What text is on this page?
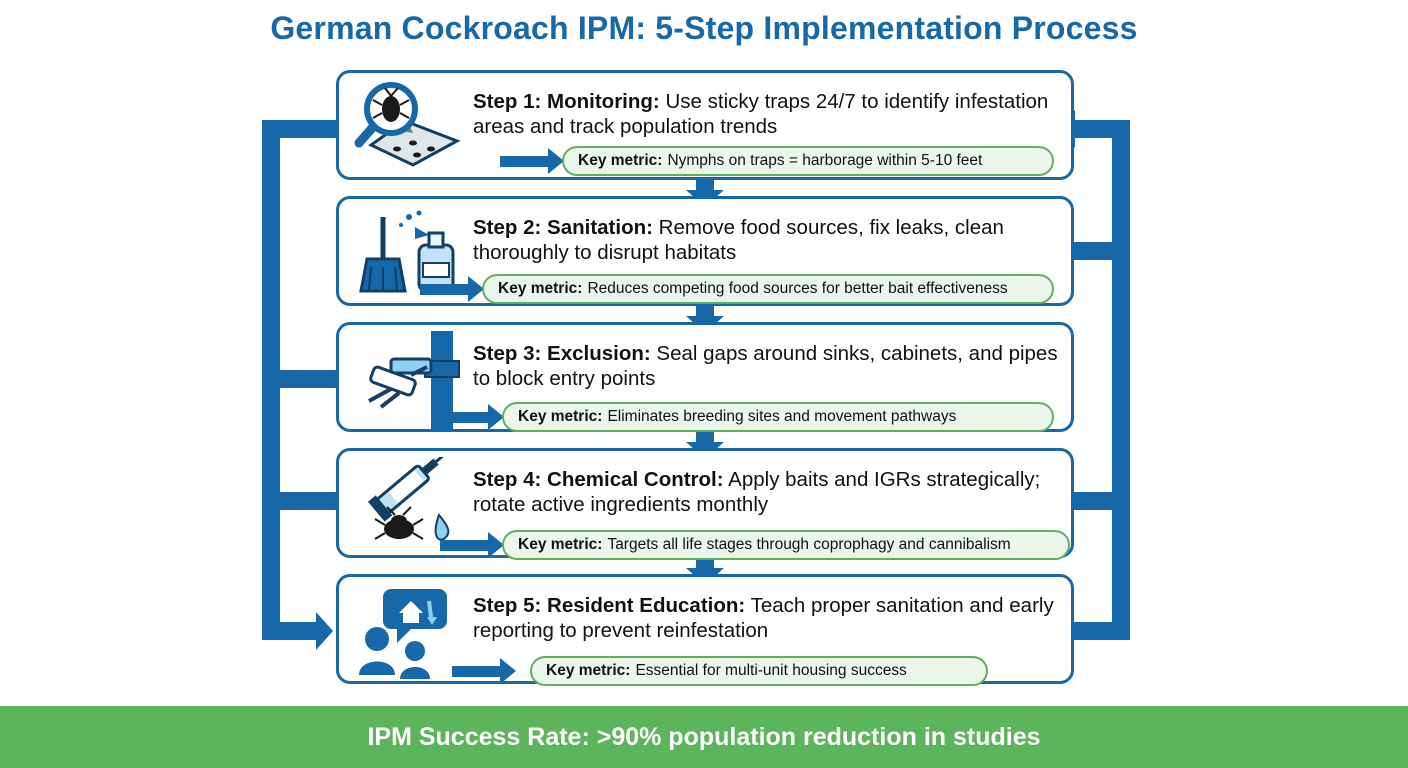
German Cockroach IPM: 5-Step Implementation Process
Step 1: Monitoring: Use sticky traps 24/7 to identify infestation areas and track population trends
Key metric: Nymphs on traps = harborage within 5-10 feet
Step 2: Sanitation: Remove food sources, fix leaks, clean thoroughly to disrupt habitats
Key metric: Reduces competing food sources for better bait effectiveness
Step 3: Exclusion: Seal gaps around sinks, cabinets, and pipes to block entry points
Key metric: Eliminates breeding sites and movement pathways
Step 4: Chemical Control: Apply baits and IGRs strategically; rotate active ingredients monthly
Key metric: Targets all life stages through coprophagy and cannibalism
Step 5: Resident Education: Teach proper sanitation and early reporting to prevent reinfestation
Key metric: Essential for multi-unit housing success
IPM Success Rate: >90% population reduction in studies
